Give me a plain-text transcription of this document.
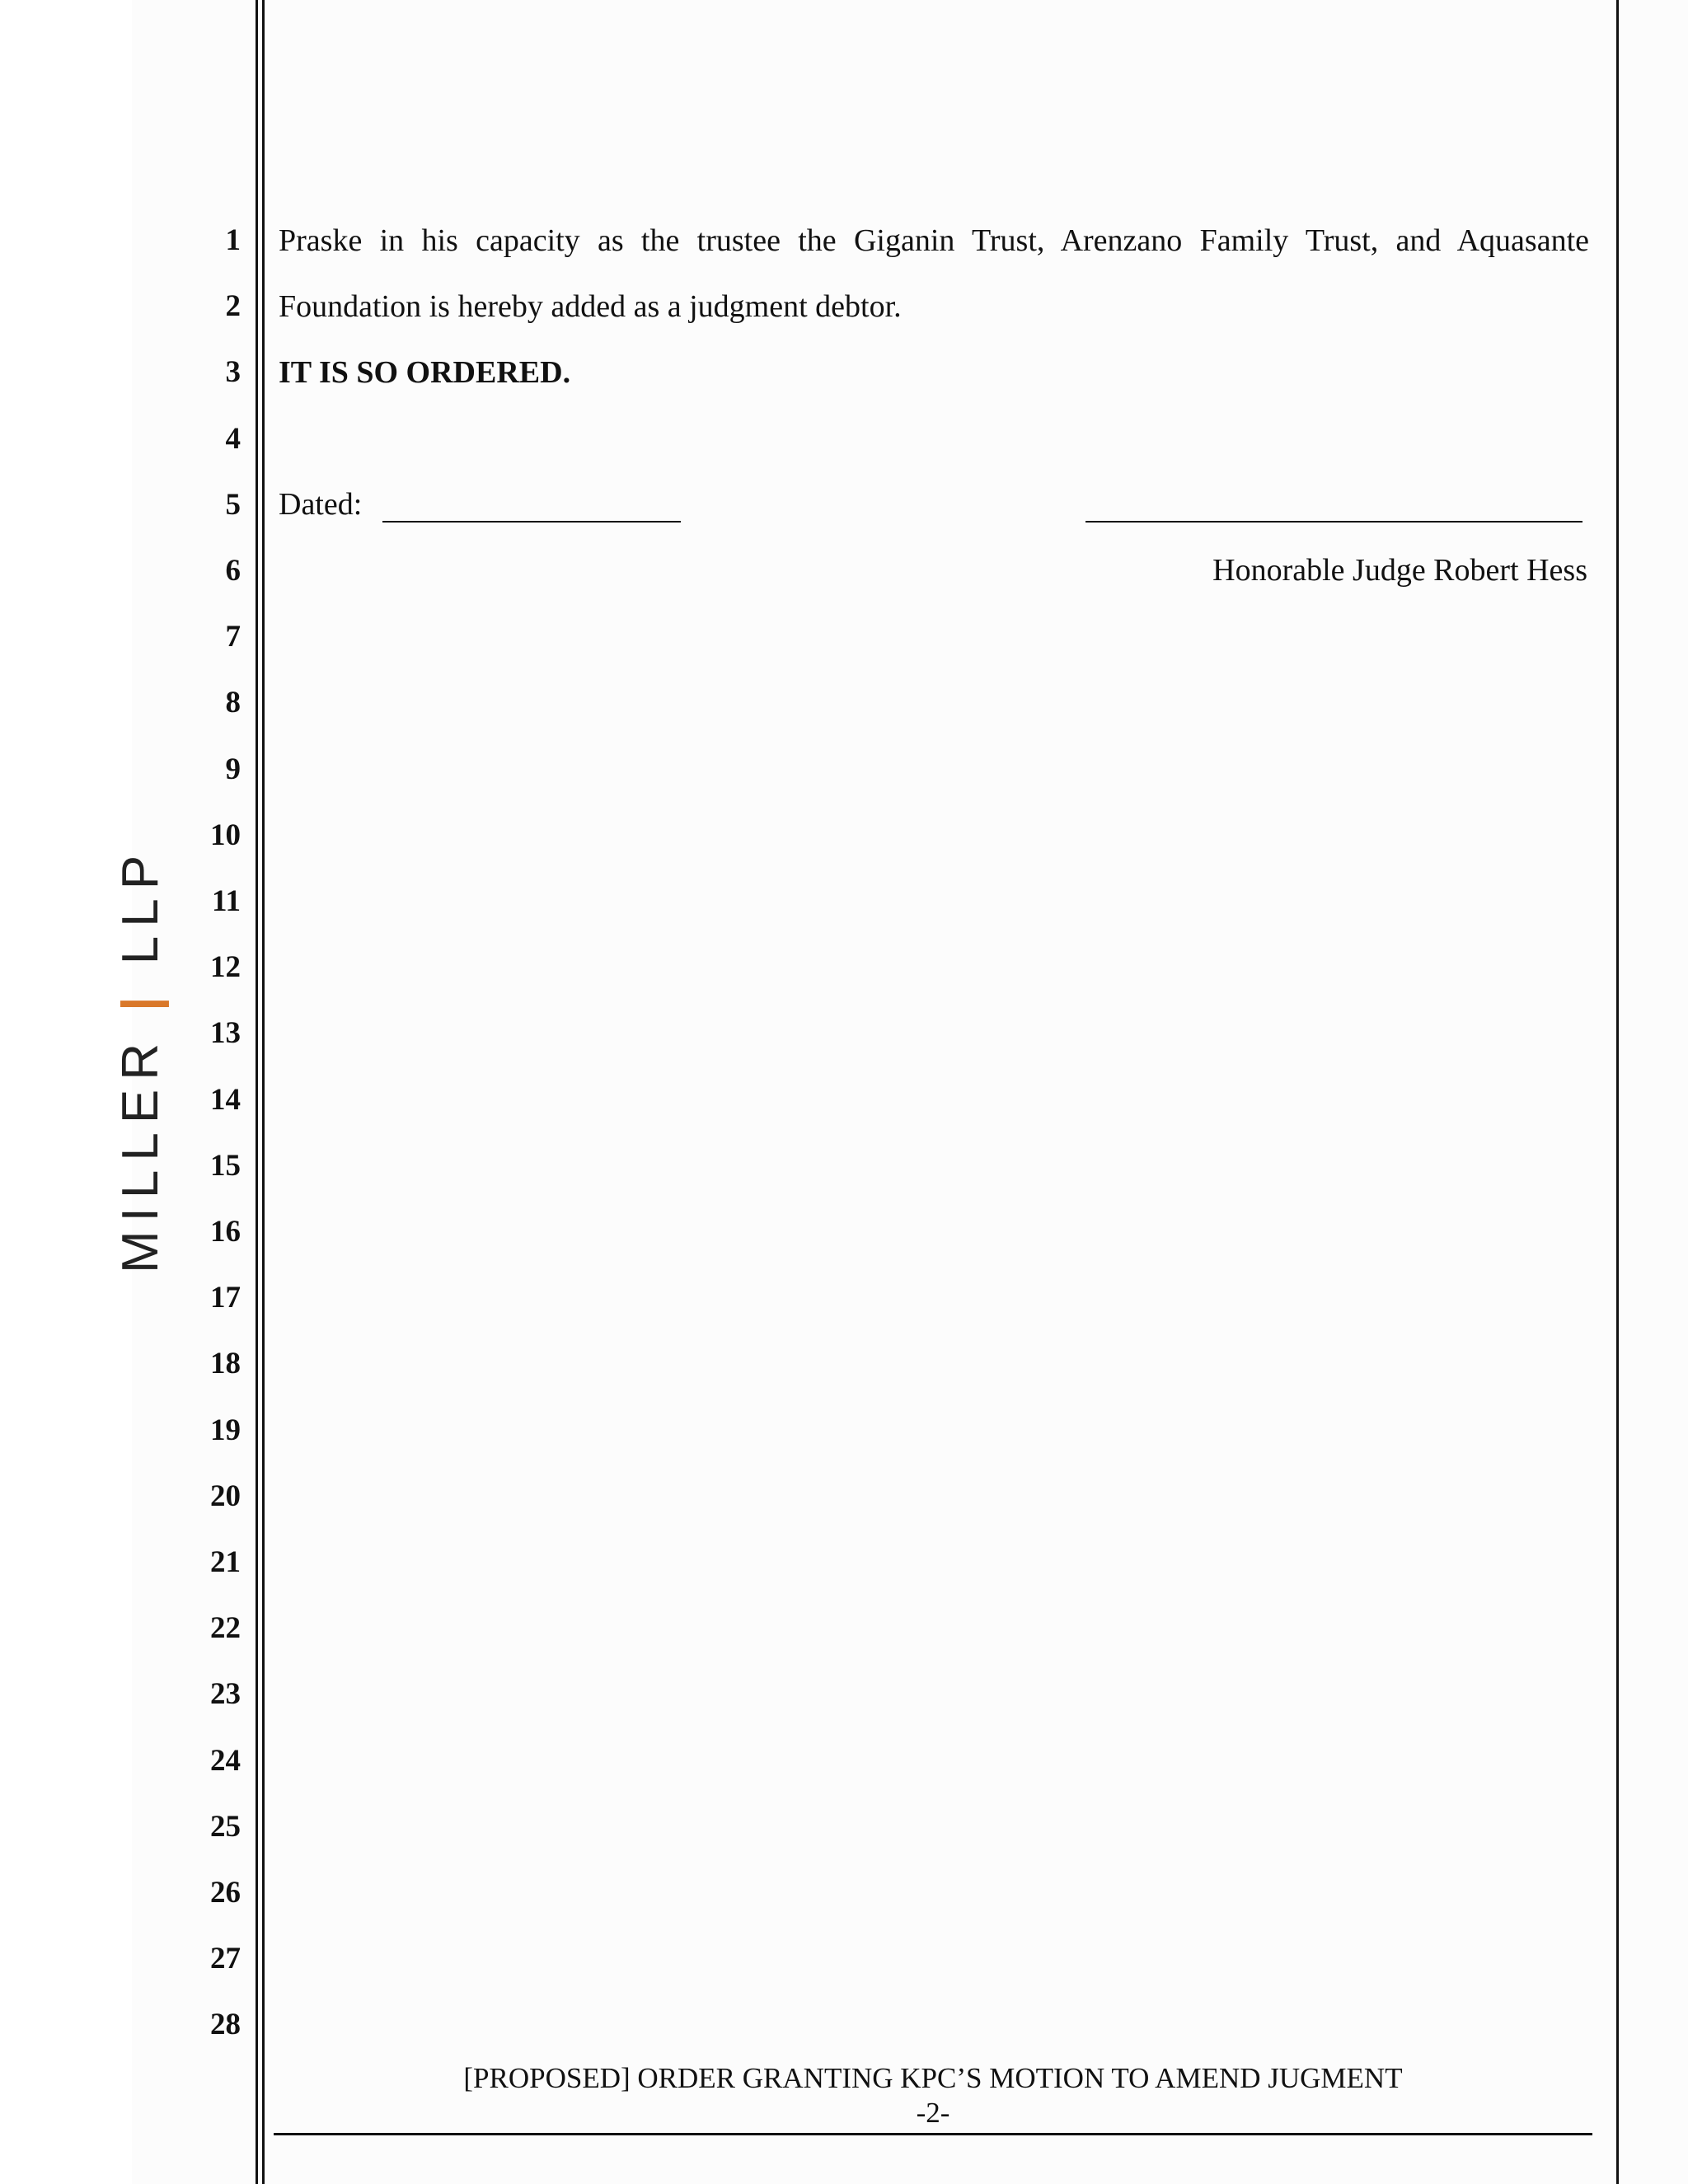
MILLER | LLP
1
2
3
4
5
6
7
8
9
10
11
12
13
14
15
16
17
18
19
20
21
22
23
24
25
26
27
28
Praske in his capacity as the trustee the Giganin Trust, Arenzano Family Trust, and Aquasante
Foundation is hereby added as a judgment debtor.
IT IS SO ORDERED.
Dated:
Honorable Judge Robert Hess
[PROPOSED] ORDER GRANTING KPC’S MOTION TO AMEND JUGMENT
-2-
